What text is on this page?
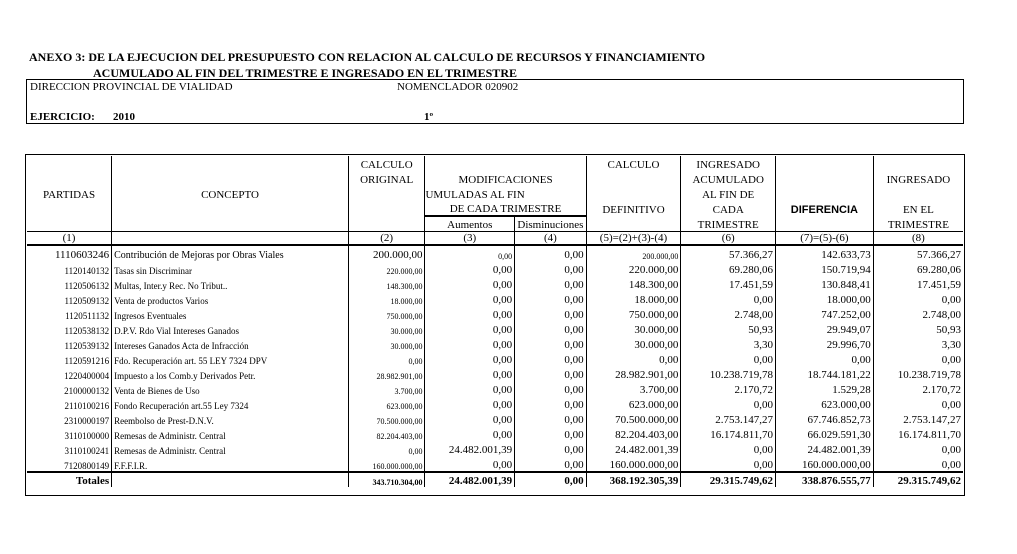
ANEXO 3: DE LA EJECUCION DEL PRESUPUESTO CON RELACION AL CALCULO DE RECURSOS Y FINANCIAMIENTO
ACUMULADO AL FIN DEL TRIMESTRE E INGRESADO EN EL TRIMESTRE
DIRECCION PROVINCIAL DE VIALIDAD	NOMENCLADOR 020902
EJERCICIO: 2010	1º
		CALCULO			CALCULO	INGRESADO		
		ORIGINAL	MODIFICACIONES			ACUMULADO		INGRESADO
PARTIDAS	CONCEPTO		UMULADAS AL FIN			AL FIN DE		
			DE CADA TRIMESTRE		DEFINITIVO	CADA	DIFERENCIA	EN EL
			Aumentos	Disminuciones		TRIMESTRE		TRIMESTRE
(1)		(2)	(3)	(4)	(5)=(2)+(3)-(4)	(6)	(7)=(5)-(6)	(8)
1110603246	Contribución de Mejoras por Obras Viales	200.000,00	0,00	0,00	200.000,00	57.366,27	142.633,73	57.366,27
1120140132	Tasas sin Discriminar	220.000,00	0,00	0,00	220.000,00	69.280,06	150.719,94	69.280,06
1120506132	Multas, Inter.y Rec. No Tribut..	148.300,00	0,00	0,00	148.300,00	17.451,59	130.848,41	17.451,59
1120509132	Venta de productos Varios	18.000,00	0,00	0,00	18.000,00	0,00	18.000,00	0,00
1120511132	Ingresos Eventuales	750.000,00	0,00	0,00	750.000,00	2.748,00	747.252,00	2.748,00
1120538132	D.P.V. Rdo Vial Intereses Ganados	30.000,00	0,00	0,00	30.000,00	50,93	29.949,07	50,93
1120539132	Intereses Ganados Acta de Infracción	30.000,00	0,00	0,00	30.000,00	3,30	29.996,70	3,30
1120591216	Fdo. Recuperación art. 55 LEY 7324 DPV	0,00	0,00	0,00	0,00	0,00	0,00	0,00
1220400004	Impuesto a los Comb.y Derivados Petr.	28.982.901,00	0,00	0,00	28.982.901,00	10.238.719,78	18.744.181,22	10.238.719,78
2100000132	Venta de Bienes de Uso	3.700,00	0,00	0,00	3.700,00	2.170,72	1.529,28	2.170,72
2110100216	Fondo Recuperación art.55 Ley 7324	623.000,00	0,00	0,00	623.000,00	0,00	623.000,00	0,00
2310000197	Reembolso de Prest-D.N.V.	70.500.000,00	0,00	0,00	70.500.000,00	2.753.147,27	67.746.852,73	2.753.147,27
3110100000	Remesas de Administr. Central	82.204.403,00	0,00	0,00	82.204.403,00	16.174.811,70	66.029.591,30	16.174.811,70
3110100241	Remesas de Administr. Central	0,00	24.482.001,39	0,00	24.482.001,39	0,00	24.482.001,39	0,00
7120800149	F.F.F.I.R.	160.000.000,00	0,00	0,00	160.000.000,00	0,00	160.000.000,00	0,00
Totales		343.710.304,00	24.482.001,39	0,00	368.192.305,39	29.315.749,62	338.876.555,77	29.315.749,62
